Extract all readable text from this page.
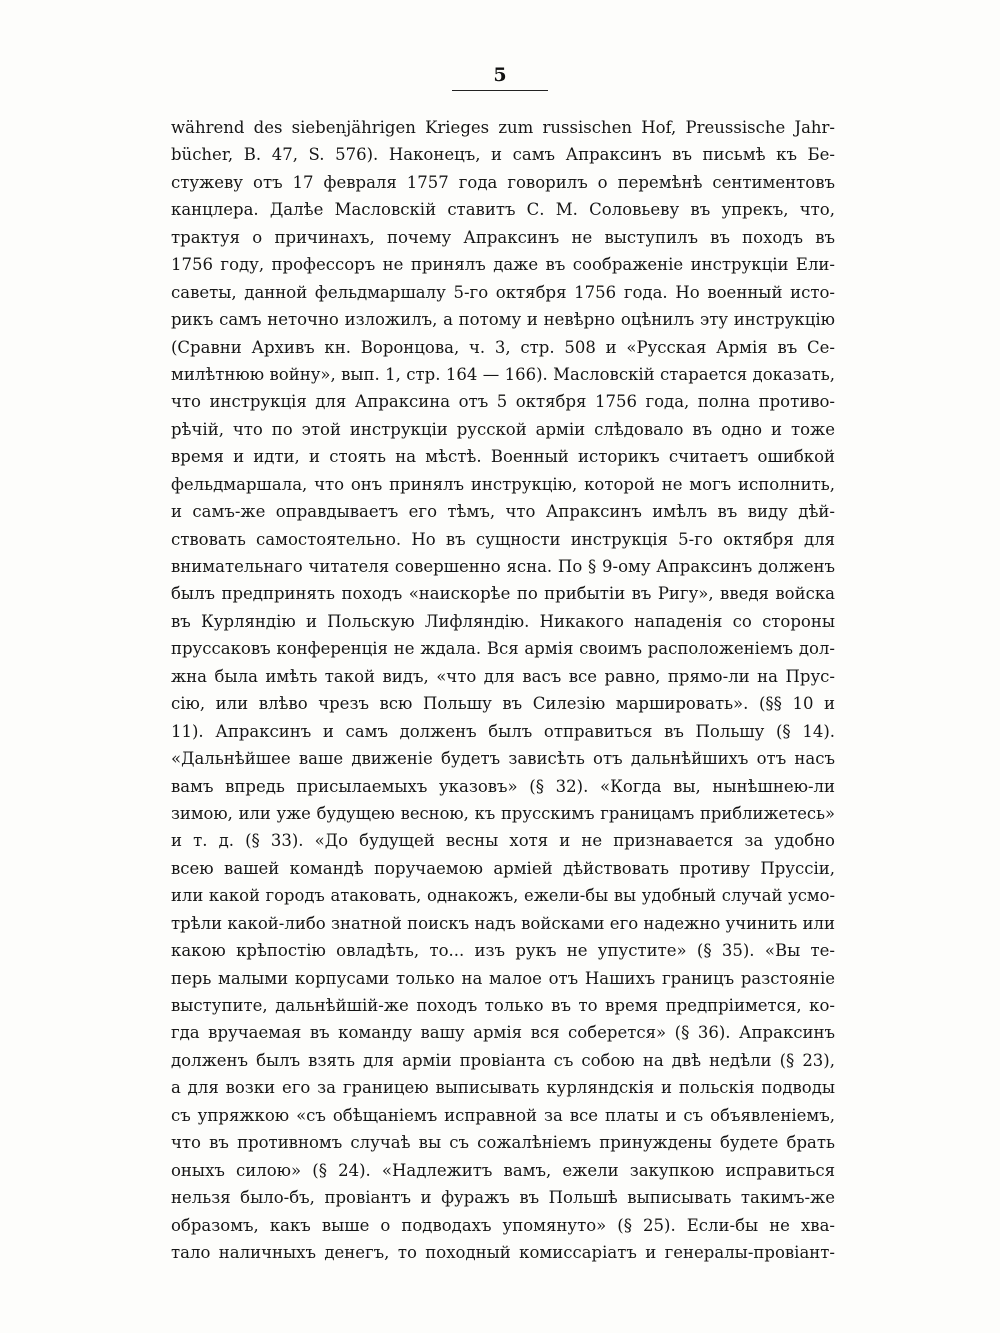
5
während des siebenjährigen Krieges zum russischen Hof, Preussische Jahr-
bücher, B. 47, S. 576). Наконецъ, и самъ Апраксинъ въ письмѣ къ Бе-
стужеву отъ 17 февраля 1757 года говорилъ о перемѣнѣ сентиментовъ
канцлера. Далѣе Масловскій ставитъ С. М. Соловьеву въ упрекъ, что,
трактуя о причинахъ, почему Апраксинъ не выступилъ въ походъ въ
1756 году, профессоръ не принялъ даже въ соображеніе инструкціи Ели-
саветы, данной фельдмаршалу 5-го октября 1756 года. Но военный исто-
рикъ самъ неточно изложилъ, а потому и невѣрно оцѣнилъ эту инструкцію
(Сравни Архивъ кн. Воронцова, ч. 3, стр. 508 и «Русская Армія въ Се-
милѣтнюю войну», вып. 1, стр. 164 — 166). Масловскій старается доказать,
что инструкція для Апраксина отъ 5 октября 1756 года, полна противо-
рѣчій, что по этой инструкціи русской арміи слѣдовало въ одно и тоже
время и идти, и стоять на мѣстѣ. Военный историкъ считаетъ ошибкой
фельдмаршала, что онъ принялъ инструкцію, которой не могъ исполнить,
и самъ-же оправдываетъ его тѣмъ, что Апраксинъ имѣлъ въ виду дѣй-
ствовать самостоятельно. Но въ сущности инструкція 5-го октября для
внимательнаго читателя совершенно ясна. По § 9-ому Апраксинъ долженъ
былъ предпринять походъ «наискорѣе по прибытіи въ Ригу», введя войска
въ Курляндію и Польскую Лифляндію. Никакого нападенія со стороны
пруссаковъ конференція не ждала. Вся армія своимъ расположеніемъ дол-
жна была имѣть такой видъ, «что для васъ все равно, прямо-ли на Прус-
сію, или влѣво чрезъ всю Польшу въ Силезію маршировать». (§§ 10 и
11). Апраксинъ и самъ долженъ былъ отправиться въ Польшу (§ 14).
«Дальнѣйшее ваше движеніе будетъ зависѣть отъ дальнѣйшихъ отъ насъ
вамъ впредь присылаемыхъ указовъ» (§ 32). «Когда вы, нынѣшнею-ли
зимою, или уже будущею весною, къ прусскимъ границамъ приближетесь»
и т. д. (§ 33). «До будущей весны хотя и не признавается за удобно
всею вашей командѣ поручаемою арміей дѣйствовать противу Пруссіи,
или какой городъ атаковать, однакожъ, ежели-бы вы удобный случай усмо-
трѣли какой-либо знатной поискъ надъ войсками его надежно учинить или
какою крѣпостію овладѣть, то... изъ рукъ не упустите» (§ 35). «Вы те-
перь малыми корпусами только на малое отъ Нашихъ границъ разстояніе
выступите, дальнѣйшій-же походъ только въ то время предпріимется, ко-
гда вручаемая въ команду вашу армія вся соберется» (§ 36). Апраксинъ
долженъ былъ взять для арміи провіанта съ собою на двѣ недѣли (§ 23),
а для возки его за границею выписывать курляндскія и польскія подводы
съ упряжкою «съ обѣщаніемъ исправной за все платы и съ объявленіемъ,
что въ противномъ случаѣ вы съ сожалѣніемъ принуждены будете брать
оныхъ силою» (§ 24). «Надлежитъ вамъ, ежели закупкою исправиться
нельзя было-бъ, провіантъ и фуражъ въ Польшѣ выписывать такимъ-же
образомъ, какъ выше о подводахъ упомянуто» (§ 25). Если-бы не хва-
тало наличныхъ денегъ, то походный комиссаріатъ и генералы-провіант-
